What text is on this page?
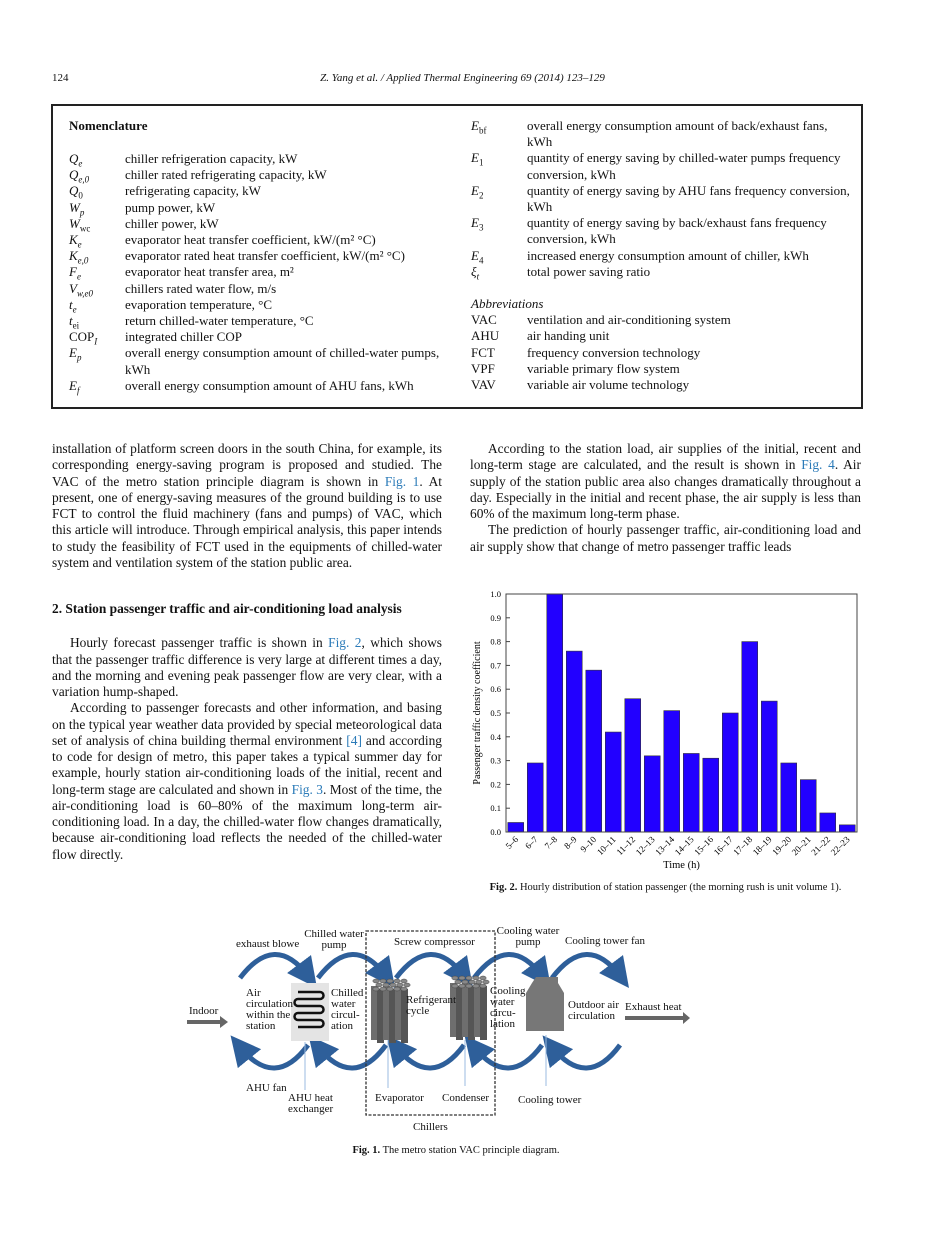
124	Z. Yang et al. / Applied Thermal Engineering 69 (2014) 123–129
Nomenclature
$Q_e$	chiller refrigeration capacity, kW
$Q_{e,0}$	chiller rated refrigerating capacity, kW
$Q_0$	refrigerating capacity, kW
$W_p$	pump power, kW
$W_{wc}$	chiller power, kW
$K_e$	evaporator heat transfer coefficient, kW/(m² °C)
$K_{e,0}$	evaporator rated heat transfer coefficient, kW/(m² °C)
$F_e$	evaporator heat transfer area, m²
$V_{w,e0}$	chillers rated water flow, m/s
$t_e$	evaporation temperature, °C
$t_{ei}$	return chilled-water temperature, °C
$COP_I$	integrated chiller COP
$E_p$	overall energy consumption amount of chilled-water pumps, kWh
$E_f$	overall energy consumption amount of AHU fans, kWh
$E_{bf}$	overall energy consumption amount of back/exhaust fans, kWh
$E_1$	quantity of energy saving by chilled-water pumps frequency conversion, kWh
$E_2$	quantity of energy saving by AHU fans frequency conversion, kWh
$E_3$	quantity of energy saving by back/exhaust fans frequency conversion, kWh
$E_4$	increased energy consumption amount of chiller, kWh
$\xi_t$	total power saving ratio
Abbreviations
VAC	ventilation and air-conditioning system
AHU	air handing unit
FCT	frequency conversion technology
VPF	variable primary flow system
VAV	variable air volume technology

installation of platform screen doors in the south China, for example, its corresponding energy-saving program is proposed and studied. The VAC of the metro station principle diagram is shown in Fig. 1. At present, one of energy-saving measures of the ground building is to use FCT to control the fluid machinery (fans and pumps) of VAC, which this article will introduce. Through empirical analysis, this paper intends to study the feasibility of FCT used in the equipments of chilled-water system and ventilation system of the station public area.

2. Station passenger traffic and air-conditioning load analysis

Hourly forecast passenger traffic is shown in Fig. 2, which shows that the passenger traffic difference is very large at different times a day, and the morning and evening peak passenger flow are very clear, with a variation hump-shaped.

According to passenger forecasts and other information, and basing on the typical year weather data provided by special meteorological data set of analysis of china building thermal environment [4] and according to code for design of metro, this paper takes a typical summer day for example, hourly station air-conditioning loads of the initial, recent and long-term stage are calculated and shown in Fig. 3. Most of the time, the air-conditioning load is 60–80% of the maximum long-term air-conditioning load. In a day, the chilled-water flow changes dramatically, because air-conditioning load reflects the needed of the chilled-water flow directly.

According to the station load, air supplies of the initial, recent and long-term stage are calculated, and the result is shown in Fig. 4. Air supply of the station public area also changes dramatically throughout a day. Especially in the initial and recent phase, the air supply is less than 60% of the maximum long-term phase.

The prediction of hourly passenger traffic, air-conditioning load and air supply show that change of metro passenger traffic leads

5–6 6–7 7–8 8–9 9–10
10–11
11–12
12–13
13–14
14–15
15–16
16–17
17–18
18–19
19–20
20–21
21–22
22–23
0.0
0.1
0.2
0.3
0.4
0.5
0.6
0.7
0.8
0.9
1.0
Time (h)
Passenger traffic density coefficient
Fig. 2. Hourly distribution of station passenger (the morning rush is unit volume 1).
exhaust blowe
Chilled water pump	Screw compressor
Cooling water pump	Cooling tower fan
Indoor
Air circulation within the station
Chilled water circul- ation
Refrigerant cycle
Cooling water circu- lation
Outdoor air circulation
Exhaust heat
AHU fan
AHU heat exchanger
Evaporator Condenser	Cooling tower
Chillers
Fig. 1. The metro station VAC principle diagram.
